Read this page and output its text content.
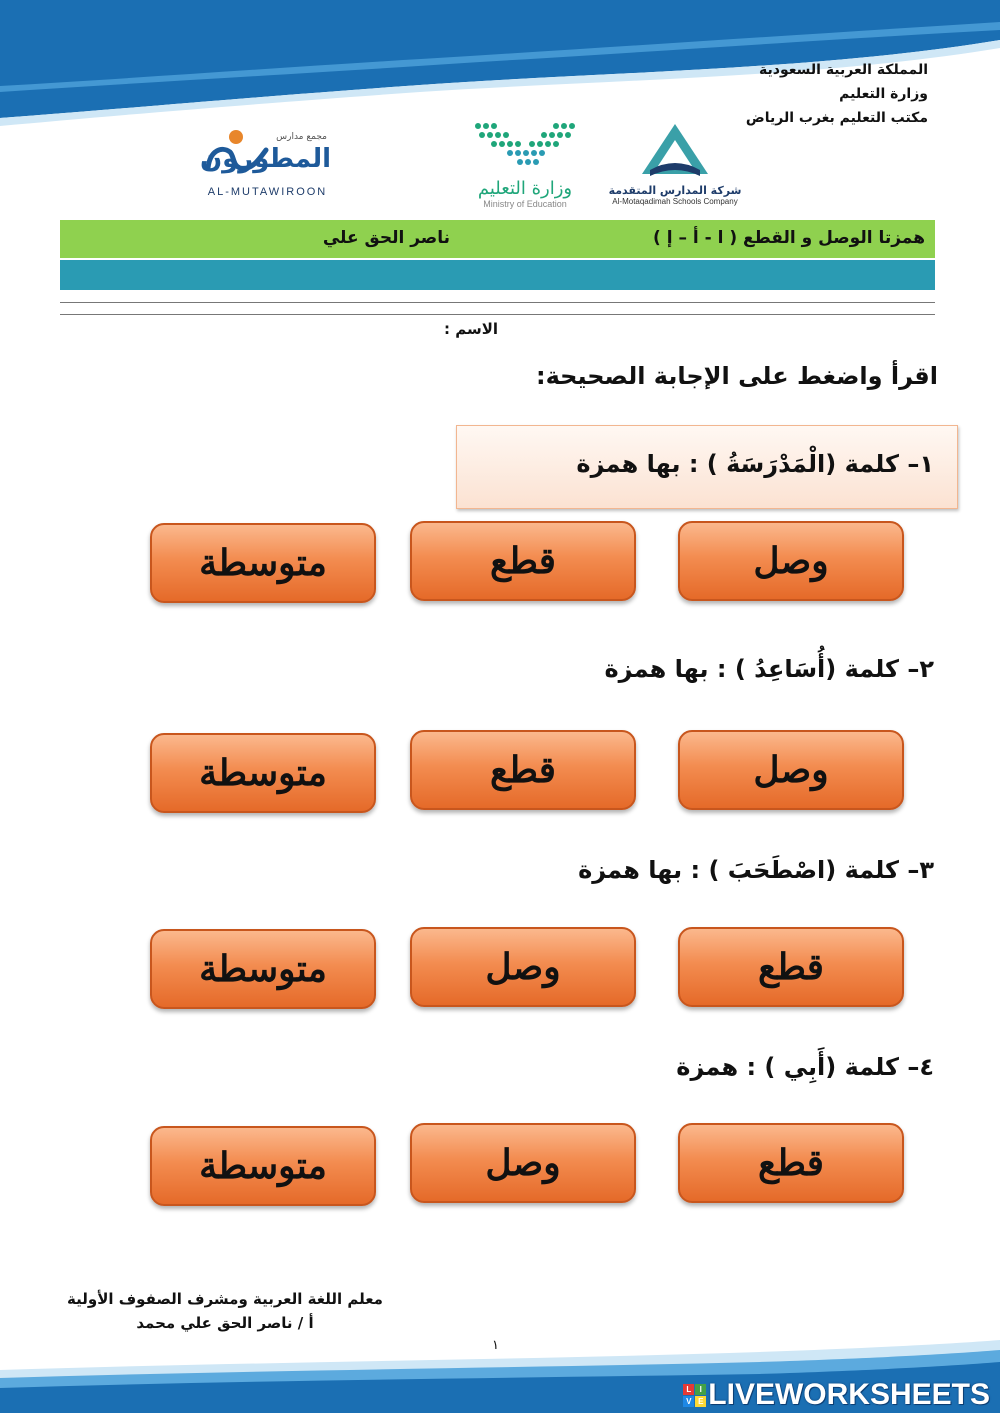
المملكة العربية السعودية
وزارة التعليم
مكتب التعليم بغرب الرياض
مجمع مدارس
المطورون
AL-MUTAWIROON	وزارة التعليم
Ministry of Education
شركة المدارس المتقدمة
Al-Motaqadimah Schools Company
همزتا الوصل و القطع ( ا - أ – إ )
ناصر الحق علي
الاسم :
اقرأ واضغط على الإجابة الصحيحة:
١– كلمة (الْمَدْرَسَةُ ) : بها همزة
وصل
قطع
متوسطة
٢– كلمة (أُسَاعِدُ ) : بها همزة
وصل
قطع
متوسطة
٣– كلمة (اصْطَحَبَ ) : بها همزة
قطع
وصل
متوسطة
٤– كلمة (أَبِي ) : همزة
قطع
وصل
متوسطة
معلم اللغة العربية ومشرف الصفوف الأولية
أ / ناصر الحق علي محمد
١
L	I
V E LIVEWORKSHEETS
